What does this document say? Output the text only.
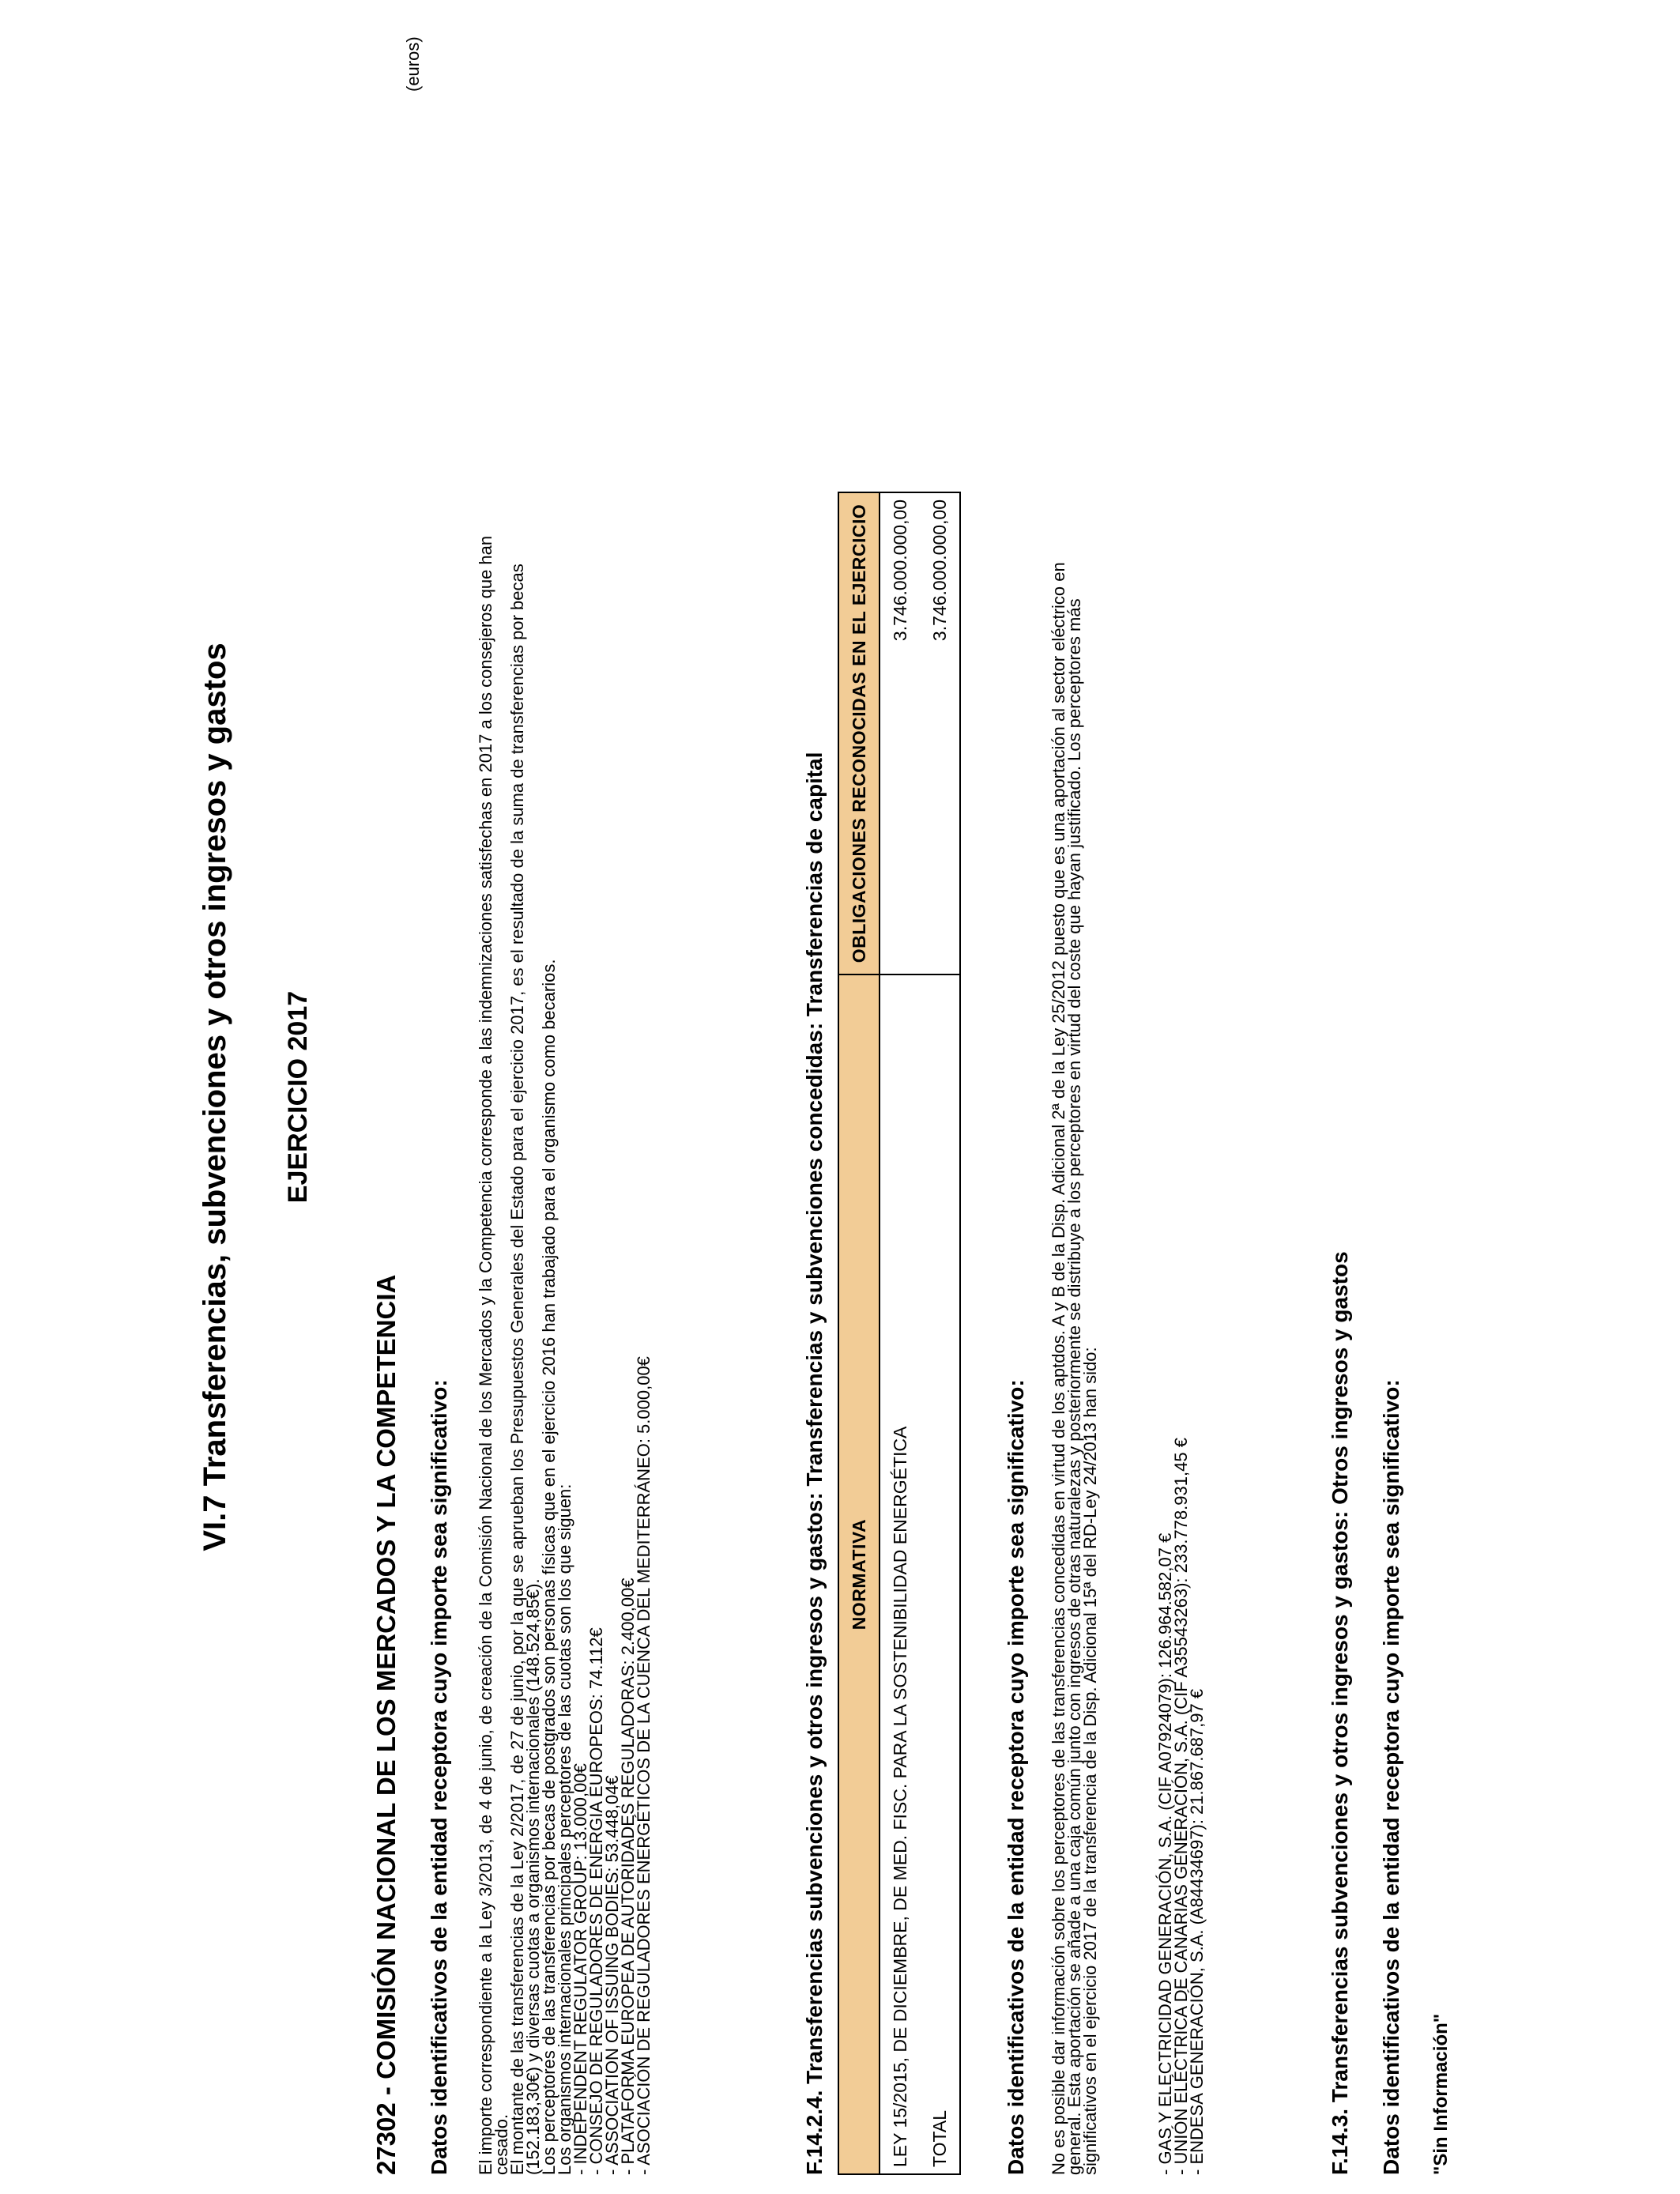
(euros)
VI.7 Transferencias, subvenciones y otros ingresos y gastos EJERCICIO 2017
27302 - COMISIÓN NACIONAL DE LOS MERCADOS Y LA COMPETENCIA Datos identificativos de la entidad receptora cuyo importe sea significativo: El importe correspondiente a la Ley 3/2013, de 4 de junio, de creación de la Comisión Nacional de los Mercados y la Competencia corresponde a las indemnizaciones satisfechas en 2017 a los consejeros que han
cesado.
El montante de las transferencias de la Ley 2/2017, de 27 de junio, por la que se aprueban los Presupuestos Generales del Estado para el ejercicio 2017, es el resultado de la suma de transferencias por becas
(152.183,30€) y diversas cuotas a organismos internacionales (148.524,85€).
Los perceptores de las transferencias por becas de postgrados son personas físicas que en el ejercicio 2016 han trabajado para el organismo como becarios.
Los organismos internacionales principales perceptores de las cuotas son los que siguen:
- INDEPENDENT REGULATOR GROUP: 13.000,00€
- CONSEJO DE REGULADORES DE ENERGIA EUROPEOS: 74.112€
- ASSOCIATION OF ISSUING BODIES: 53.448,04€
- PLATAFORMA EUROPEA DE AUTORIDADES REGULADORAS: 2.400,00€
- ASOCIACIÓN DE REGULADORES ENERGÉTICOS DE LA CUENCA DEL MEDITERRÁNEO: 5.000,00€	F.14.2.4. Transferencias subvenciones y otros ingresos y gastos: Transferencias y subvenciones concedidas: Transferencias de capital NORMATIVA	OBLIGACIONES RECONOCIDAS EN EL EJERCICIO
LEY 15/2015, DE DICIEMBRE, DE MED. FISC. PARA LA SOSTENIBILIDAD ENERGÉTICA	3.746.000.000,00
TOTAL	3.746.000.000,00
Datos identificativos de la entidad receptora cuyo importe sea significativo: No es posible dar información sobre los perceptores de las transferencias concedidas en virtud de los aptdos. A y B de la Disp. Adicional 2ª de la Ley 25/2012 puesto que es una aportación al sector eléctrico en
general. Esta aportación se añade a una caja común junto con ingresos de otras naturalezas y posteriormente se distribuye a los perceptores en virtud del coste que hayan justificado. Los perceptores más
significativos en el ejercicio 2017 de la transferencia de la Disp. Adicional 15ª del RD-Ley 24/2013 han sido:	- GAS Y ELECTRICIDAD GENERACIÓN, S.A. (CIF A07924079): 126.964.582,07 €
- UNIÓN ELÉCTRICA DE CANARIAS GENERACIÓN, S.A. (CIF A35543263): 233.778.931,45 €
- ENDESA GENERACIÓN, S.A. (A84434697): 21.867.687,97 €	F.14.3. Transferencias subvenciones y otros ingresos y gastos: Otros ingresos y gastos Datos identificativos de la entidad receptora cuyo importe sea significativo: "Sin Información"
